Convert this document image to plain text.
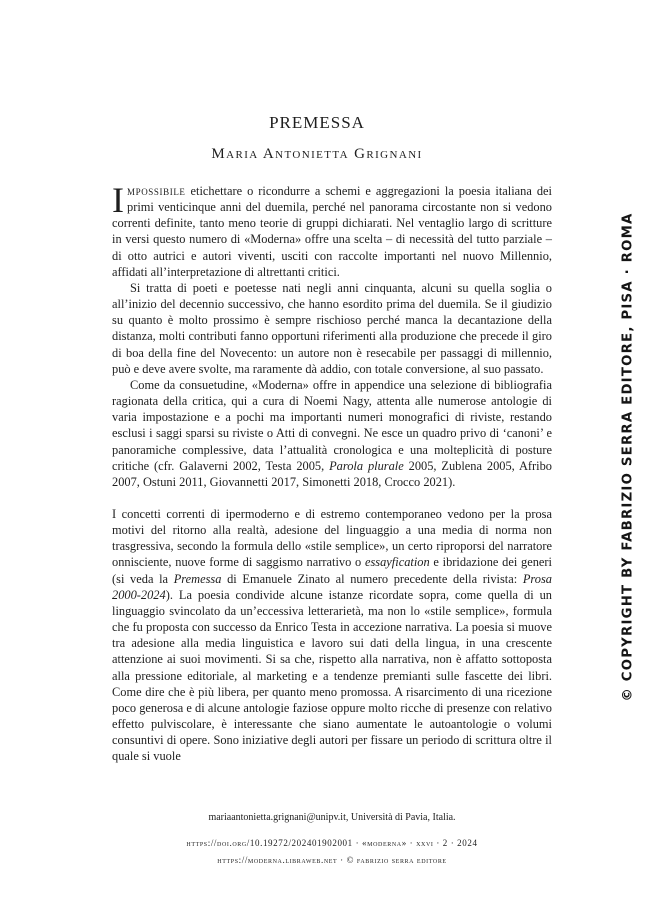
PREMESSA
Maria Antonietta Grignani

Impossibile etichettare o ricondurre a schemi e aggregazioni la poesia italiana dei primi venticinque anni del duemila, perché nel panorama circostante non si vedono correnti definite, tanto meno teorie di gruppi dichiarati. Nel ventaglio largo di scritture in versi questo numero di «Moderna» offre una scelta – di necessità del tutto parziale – di otto autrici e autori viventi, usciti con raccolte importanti nel nuovo Millennio, affidati all’interpretazione di altrettanti critici.

Si tratta di poeti e poetesse nati negli anni cinquanta, alcuni su quella soglia o all’inizio del decennio successivo, che hanno esordito prima del duemila. Se il giudizio su quanto è molto prossimo è sempre rischioso perché manca la decantazione della distanza, molti contributi fanno opportuni riferimenti alla produzione che precede il giro di boa della fine del Novecento: un autore non è resecabile per passaggi di millennio, può e deve avere svolte, ma raramente dà addio, con totale conversione, al suo passato.

Come da consuetudine, «Moderna» offre in appendice una selezione di bibliografia ragionata della critica, qui a cura di Noemi Nagy, attenta alle numerose antologie di varia impostazione e a pochi ma importanti numeri monografici di riviste, restando esclusi i saggi sparsi su riviste o Atti di convegni. Ne esce un quadro privo di ‘canoni’ e panoramiche complessive, data l’attualità cronologica e una molteplicità di posture critiche (cfr. Galaverni 2002, Testa 2005, Parola plurale 2005, Zublena 2005, Afribo 2007, Ostuni 2011, Giovannetti 2017, Simonetti 2018, Crocco 2021).

I concetti correnti di ipermoderno e di estremo contemporaneo vedono per la prosa motivi del ritorno alla realtà, adesione del linguaggio a una media di norma non trasgressiva, secondo la formula dello «stile semplice», un certo riproporsi del narratore onnisciente, nuove forme di saggismo narrativo o essayfication e ibridazione dei generi (si veda la Premessa di Emanuele Zinato al numero precedente della rivista: Prosa 2000-2024). La poesia condivide alcune istanze ricordate sopra, come quella di un linguaggio svincolato da un’eccessiva letterarietà, ma non lo «stile semplice», formula che fu proposta con successo da Enrico Testa in accezione narrativa. La poesia si muove tra adesione alla media linguistica e lavoro sui dati della lingua, in una crescente attenzione ai suoi movimenti. Si sa che, rispetto alla narrativa, non è affatto sottoposta alla pressione editoriale, al marketing e a tendenze premianti sulle fascette dei libri. Come dire che è più libera, per quanto meno promossa. A risarcimento di una ricezione poco generosa e di alcune antologie faziose oppure molto ricche di presenze con relativo effetto pulviscolare, è interessante che siano aumentate le autoantologie o volumi consuntivi di opere. Sono iniziative degli autori per fissare un periodo di scrittura oltre il quale si vuole

mariaantonietta.grignani@unipv.it, Università di Pavia, Italia.
https://doi.org/10.19272/202401902001 · «moderna» · xxvi · 2 · 2024
https://moderna.libraweb.net · © fabrizio serra editore
© COPYRIGHT BY FABRIZIO SERRA EDITORE, PISA · ROMA
